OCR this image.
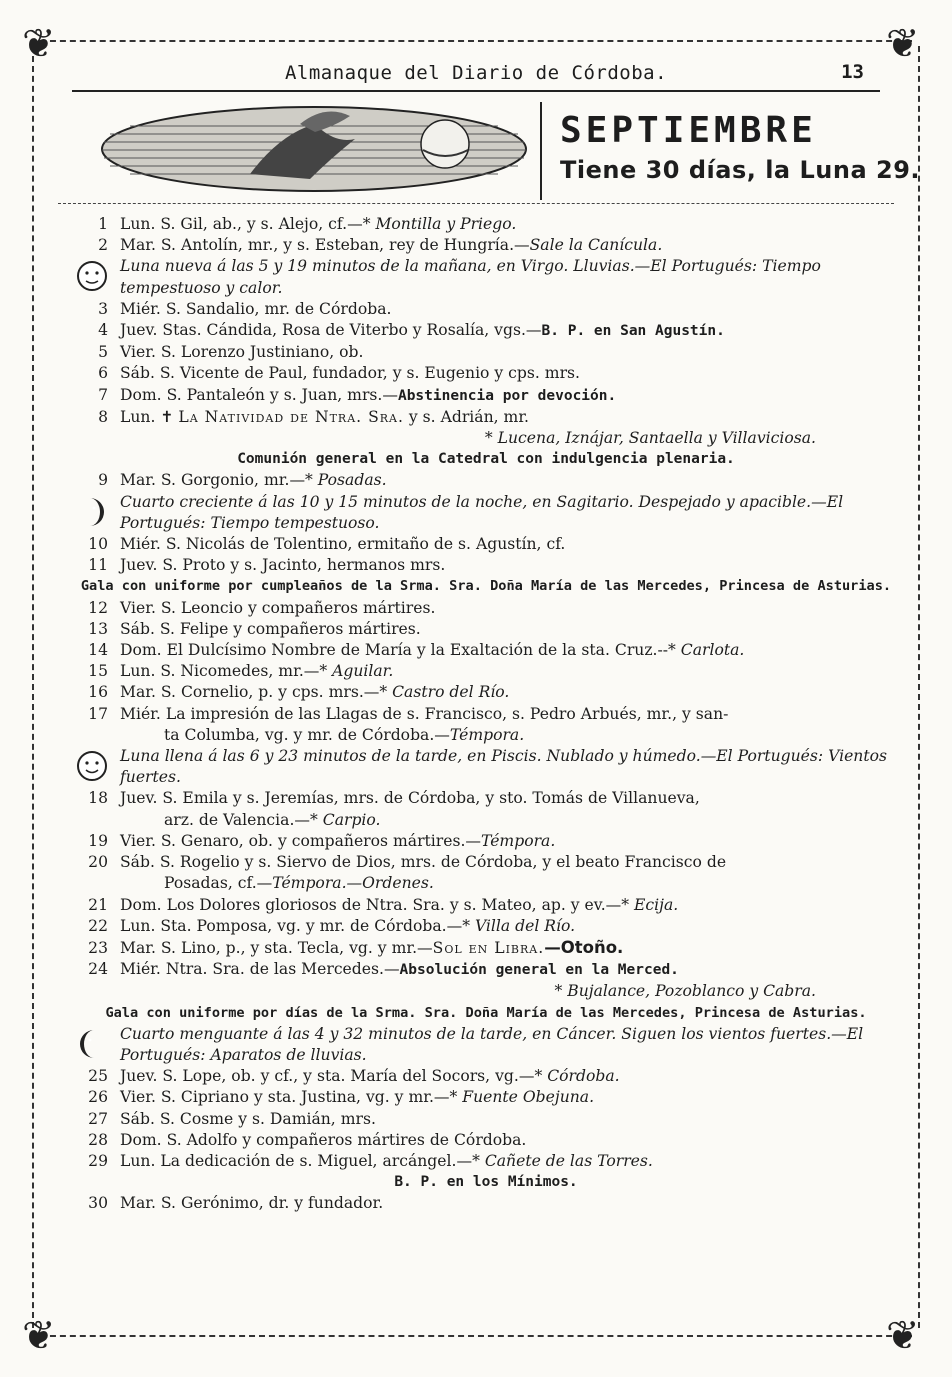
❦	❦
❦	❦
Almanaque del Diario de Córdoba.	13
SEPTIEMBRE
Tiene 30 días, la Luna 29.
1 Lun. S. Gil, ab., y s. Alejo, cf.—* Montilla y Priego.
2 Mar. S. Antolín, mr., y s. Esteban, rey de Hungría.—Sale la Canícula.
Luna nueva á las 5 y 19 minutos de la mañana, en Virgo. Lluvias.—El Portugués: Tiempo tempestuoso y calor.
3 Miér. S. Sandalio, mr. de Córdoba.
4 Juev. Stas. Cándida, Rosa de Viterbo y Rosalía, vgs.—B. P. en San Agustín.
5 Vier. S. Lorenzo Justiniano, ob.
6 Sáb. S. Vicente de Paul, fundador, y s. Eugenio y cps. mrs.
7 Dom. S. Pantaleón y s. Juan, mrs.—Abstinencia por devoción.
8 Lun. ✝ La Natividad de Ntra. Sra. y s. Adrián, mr.
* Lucena, Iznájar, Santaella y Villaviciosa.
Comunión general en la Catedral con indulgencia plenaria.
9 Mar. S. Gorgonio, mr.—* Posadas.
Cuarto creciente á las 10 y 15 minutos de la noche, en Sagitario. Despejado y apacible.—El Portugués: Tiempo tempestuoso.
10 Miér. S. Nicolás de Tolentino, ermitaño de s. Agustín, cf.
11 Juev. S. Proto y s. Jacinto, hermanos mrs.
Gala con uniforme por cumpleaños de la Srma. Sra. Doña María de las Mercedes, Princesa de Asturias.
12 Vier. S. Leoncio y compañeros mártires.
13 Sáb. S. Felipe y compañeros mártires.
14 Dom. El Dulcísimo Nombre de María y la Exaltación de la sta. Cruz.--* Carlota.
15 Lun. S. Nicomedes, mr.—* Aguilar.
16 Mar. S. Cornelio, p. y cps. mrs.—* Castro del Río.
17 Miér. La impresión de las Llagas de s. Francisco, s. Pedro Arbués, mr., y san-
ta Columba, vg. y mr. de Córdoba.—Témpora.
Luna llena á las 6 y 23 minutos de la tarde, en Piscis. Nublado y húmedo.—El Portugués: Vientos fuertes.
18 Juev. S. Emila y s. Jeremías, mrs. de Córdoba, y sto. Tomás de Villanueva,
arz. de Valencia.—* Carpio.
19 Vier. S. Genaro, ob. y compañeros mártires.—Témpora.
20 Sáb. S. Rogelio y s. Siervo de Dios, mrs. de Córdoba, y el beato Francisco de
Posadas, cf.—Témpora.—Ordenes.
21 Dom. Los Dolores gloriosos de Ntra. Sra. y s. Mateo, ap. y ev.—* Ecija.
22 Lun. Sta. Pomposa, vg. y mr. de Córdoba.—* Villa del Río.
23 Mar. S. Lino, p., y sta. Tecla, vg. y mr.—Sol en Libra.—Otoño.
24 Miér. Ntra. Sra. de las Mercedes.—Absolución general en la Merced.
* Bujalance, Pozoblanco y Cabra.
Gala con uniforme por días de la Srma. Sra. Doña María de las Mercedes, Princesa de Asturias.
Cuarto menguante á las 4 y 32 minutos de la tarde, en Cáncer. Siguen los vientos fuertes.—El Portugués: Aparatos de lluvias.
25 Juev. S. Lope, ob. y cf., y sta. María del Socors, vg.—* Córdoba.
26 Vier. S. Cipriano y sta. Justina, vg. y mr.—* Fuente Obejuna.
27 Sáb. S. Cosme y s. Damián, mrs.
28 Dom. S. Adolfo y compañeros mártires de Córdoba.
29 Lun. La dedicación de s. Miguel, arcángel.—* Cañete de las Torres.
B. P. en los Mínimos.
30 Mar. S. Gerónimo, dr. y fundador.
